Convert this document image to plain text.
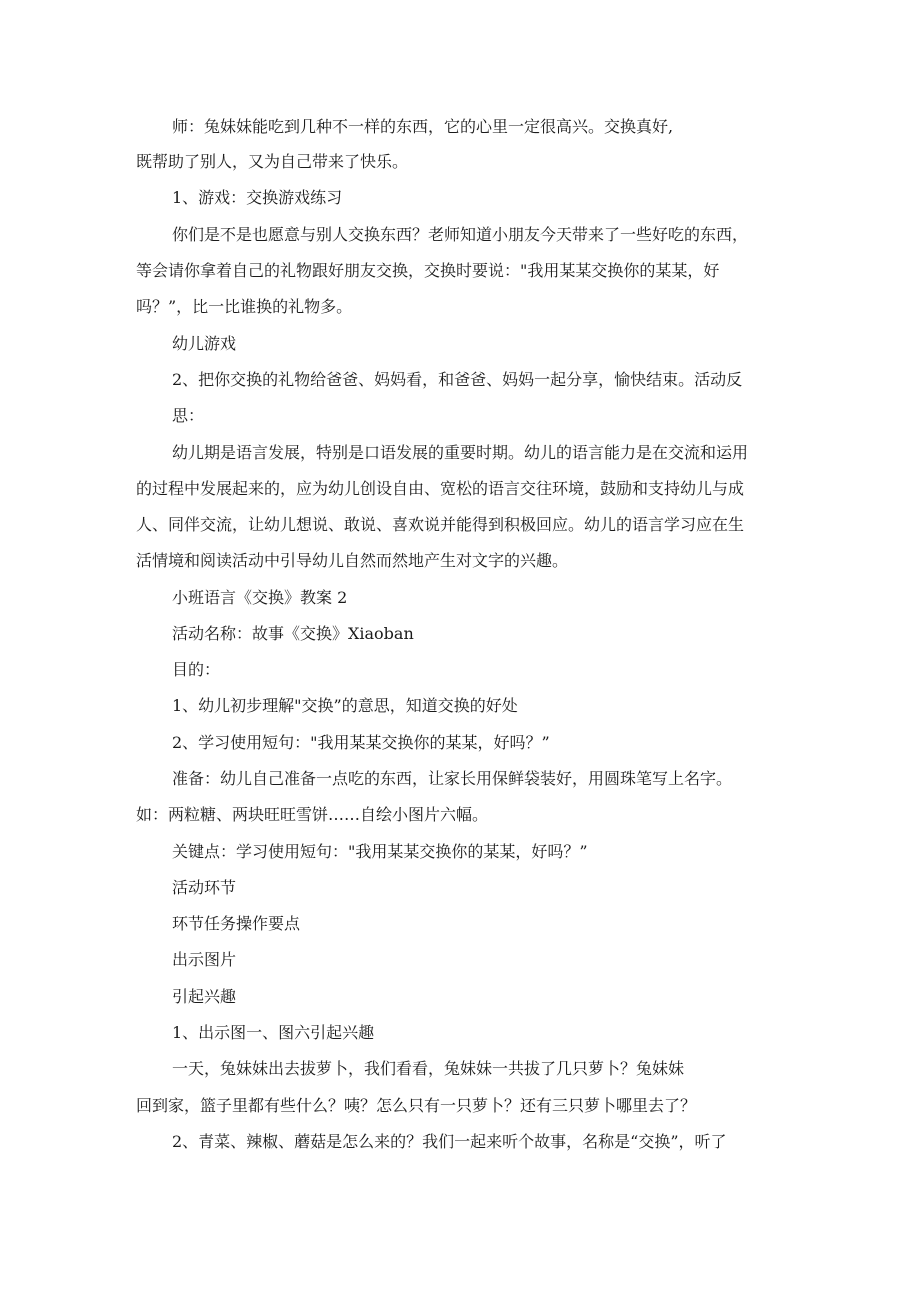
师：兔妹妹能吃到几种不一样的东西，它的心里一定很高兴。交换真好,
既帮助了别人，又为自己带来了快乐。
1、游戏：交换游戏练习
你们是不是也愿意与别人交换东西？老师知道小朋友今天带来了一些好吃的东西，
等会请你拿着自己的礼物跟好朋友交换，交换时要说："我用某某交换你的某某，好
吗？”，比一比谁换的礼物多。
幼儿游戏
2、把你交换的礼物给爸爸、妈妈看，和爸爸、妈妈一起分享，愉快结束。活动反
思：
幼儿期是语言发展，特别是口语发展的重要时期。幼儿的语言能力是在交流和运用
的过程中发展起来的，应为幼儿创设自由、宽松的语言交往环境，鼓励和支持幼儿与成
人、同伴交流，让幼儿想说、敢说、喜欢说并能得到积极回应。幼儿的语言学习应在生
活情境和阅读活动中引导幼儿自然而然地产生对文字的兴趣。
小班语言《交换》教案 2
活动名称：故事《交换》Xiaoban
目的：
1、幼儿初步理解"交换”的意思，知道交换的好处
2、学习使用短句："我用某某交换你的某某，好吗？”
准备：幼儿自己准备一点吃的东西，让家长用保鲜袋装好，用圆珠笔写上名字。
如：两粒糖、两块旺旺雪饼……自绘小图片六幅。
关键点：学习使用短句："我用某某交换你的某某，好吗？”
活动环节
环节任务操作要点
出示图片
引起兴趣
1、出示图一、图六引起兴趣
一天，兔妹妹出去拔萝卜，我们看看，兔妹妹一共拔了几只萝卜？兔妹妹
回到家，篮子里都有些什么？咦？怎么只有一只萝卜？还有三只萝卜哪里去了？
2、青菜、辣椒、蘑菇是怎么来的？我们一起来听个故事，名称是“交换”，听了
